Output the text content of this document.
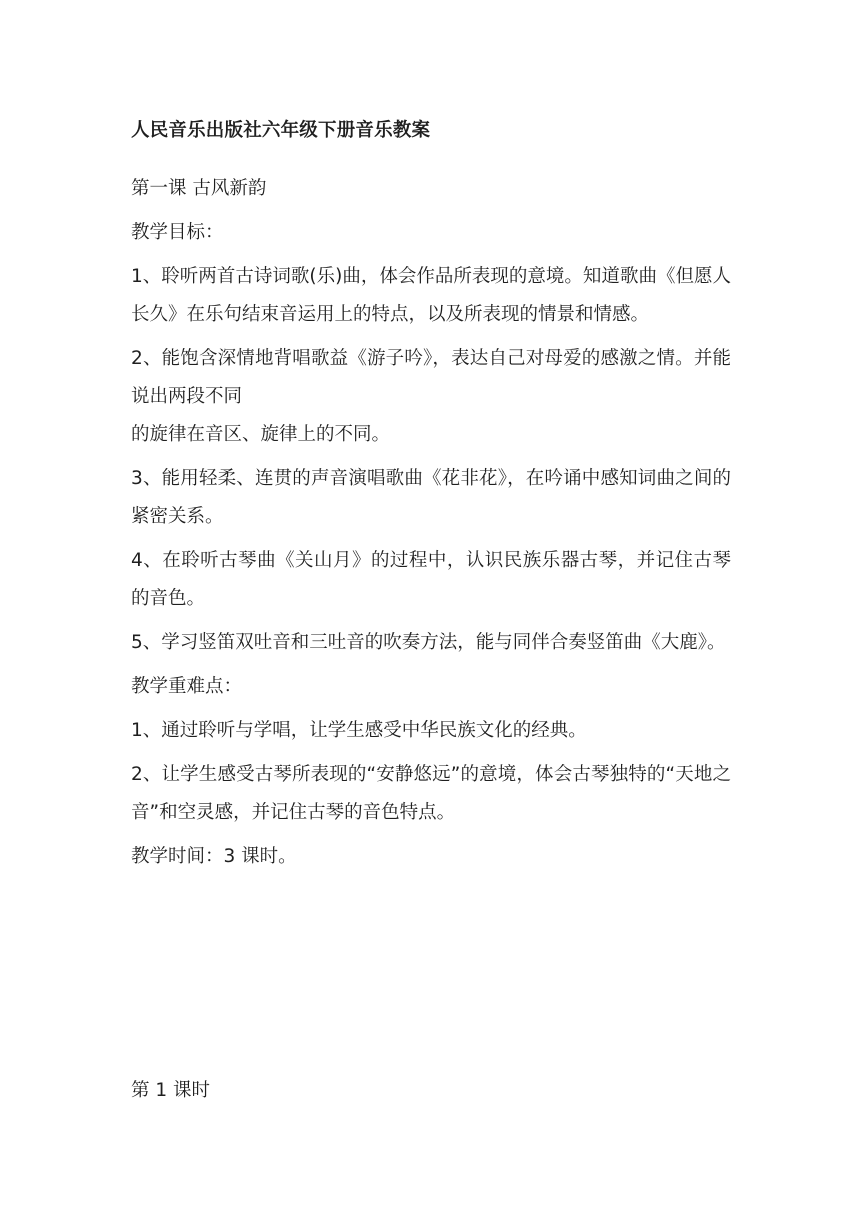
人民音乐出版社六年级下册音乐教案

第一课 古风新韵

教学目标：

1、聆听两首古诗词歌(乐)曲，体会作品所表现的意境。知道歌曲《但愿人长久》在乐句结束音运用上的特点，以及所表现的情景和情感。

2、能饱含深情地背唱歌益《游子吟》，表达自己对母爱的感激之情。并能说出两段不同

的旋律在音区、旋律上的不同。

3、能用轻柔、连贯的声音演唱歌曲《花非花》，在吟诵中感知词曲之间的紧密关系。

4、在聆听古琴曲《关山月》的过程中，认识民族乐器古琴，并记住古琴的音色。

5、学习竖笛双吐音和三吐音的吹奏方法，能与同伴合奏竖笛曲《大鹿》。

教学重难点：

1、通过聆听与学唱，让学生感受中华民族文化的经典。

2、让学生感受古琴所表现的“安静悠远”的意境，体会古琴独特的“天地之音”和空灵感，并记住古琴的音色特点。

教学时间：3 课时。

第 1 课时
